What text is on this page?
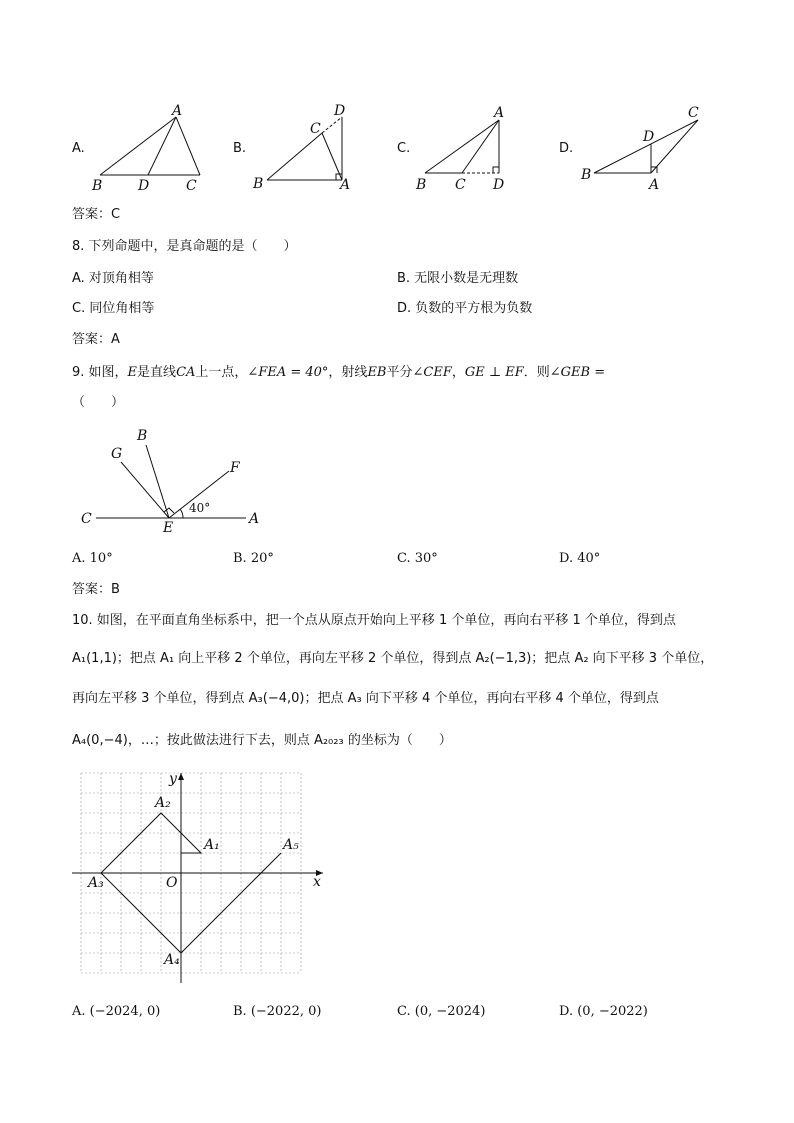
A.
A
B	D	C
B.
D
C
B	A
C.
A
B C D
D.
C
D
B
A
答案：C
8. 下列命题中，是真命题的是（　　）
A. 对顶角相等	B. 无限小数是无理数
C. 同位角相等	D. 负数的平方根为负数
答案：A
9. 如图，E是直线CA上一点，∠FEA = 40°，射线EB平分∠CEF，GE ⊥ EF．则∠GEB =
（　　）
G
B
F
C
E
A
40°
A. 10°	B. 20°	C. 30°	D. 40°
答案：B
10. 如图，在平面直角坐标系中，把一个点从原点开始向上平移 1 个单位，再向右平移 1 个单位，得到点
A₁(1,1)；把点 A₁ 向上平移 2 个单位，再向左平移 2 个单位，得到点 A₂(−1,3)；把点 A₂ 向下平移 3 个单位，
再向左平移 3 个单位，得到点 A₃(−4,0)；把点 A₃ 向下平移 4 个单位，再向右平移 4 个单位，得到点
A₄(0,−4)，…；按此做法进行下去，则点 A₂₀₂₃ 的坐标为（　　）
y
x
O
A₁
A₂
A₃
A₄
A₅
A. (−2024, 0)	B. (−2022, 0)	C. (0, −2024)	D. (0, −2022)
